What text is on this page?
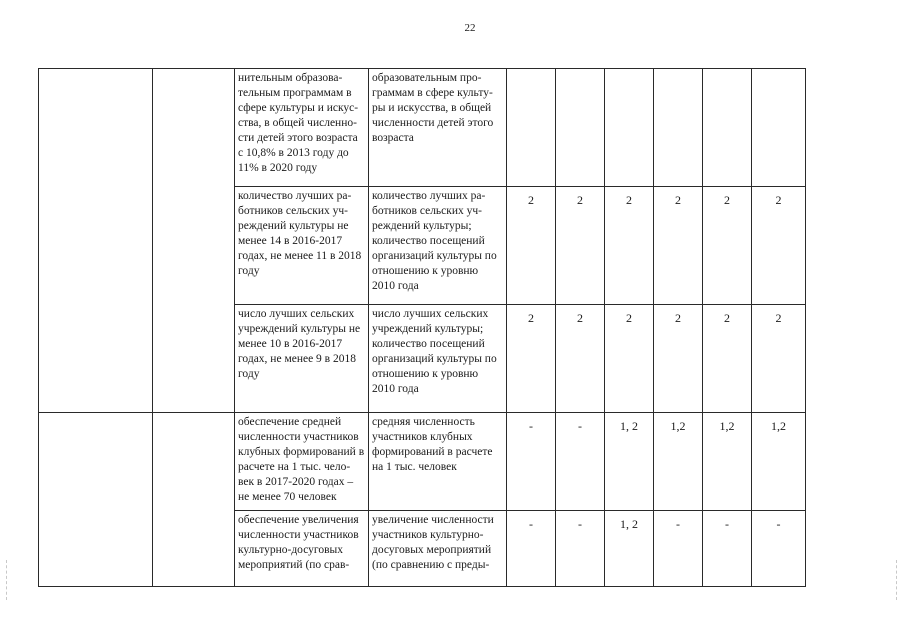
22
		нительным образова-тельным программам в сфере культуры и искус-ства, в общей численно-сти детей этого возраста с 10,8% в 2013 году до 11% в 2020 году	образовательным про-граммам в сфере культу-ры и искусства, в общей численности детей этого возраста						
		количество лучших ра-ботников сельских уч-реждений культуры не менее 14 в 2016-2017 годах, не менее 11 в 2018 году	количество лучших ра-ботников сельских уч-реждений культуры; количество посещений организаций культуры по отношению к уровню 2010 года	2	2	2	2	2	2
		число лучших сельских учреждений культуры не менее 10 в 2016-2017 годах, не менее 9 в 2018 году	число лучших сельских учреждений культуры; количество посещений организаций культуры по отношению к уровню 2010 года	2	2	2	2	2	2
		обеспечение средней численности участников клубных формирований в расчете на 1 тыс. чело-век в 2017-2020 годах – не менее 70 человек	средняя численность участников клубных формирований в расчете на 1 тыс. человек	-	-	1, 2	1,2	1,2	1,2
		обеспечение увеличения численности участников культурно-досуговых мероприятий (по срав-	увеличение численности участников культурно-досуговых мероприятий (по сравнению с преды-	-	-	1, 2	-	-	-
